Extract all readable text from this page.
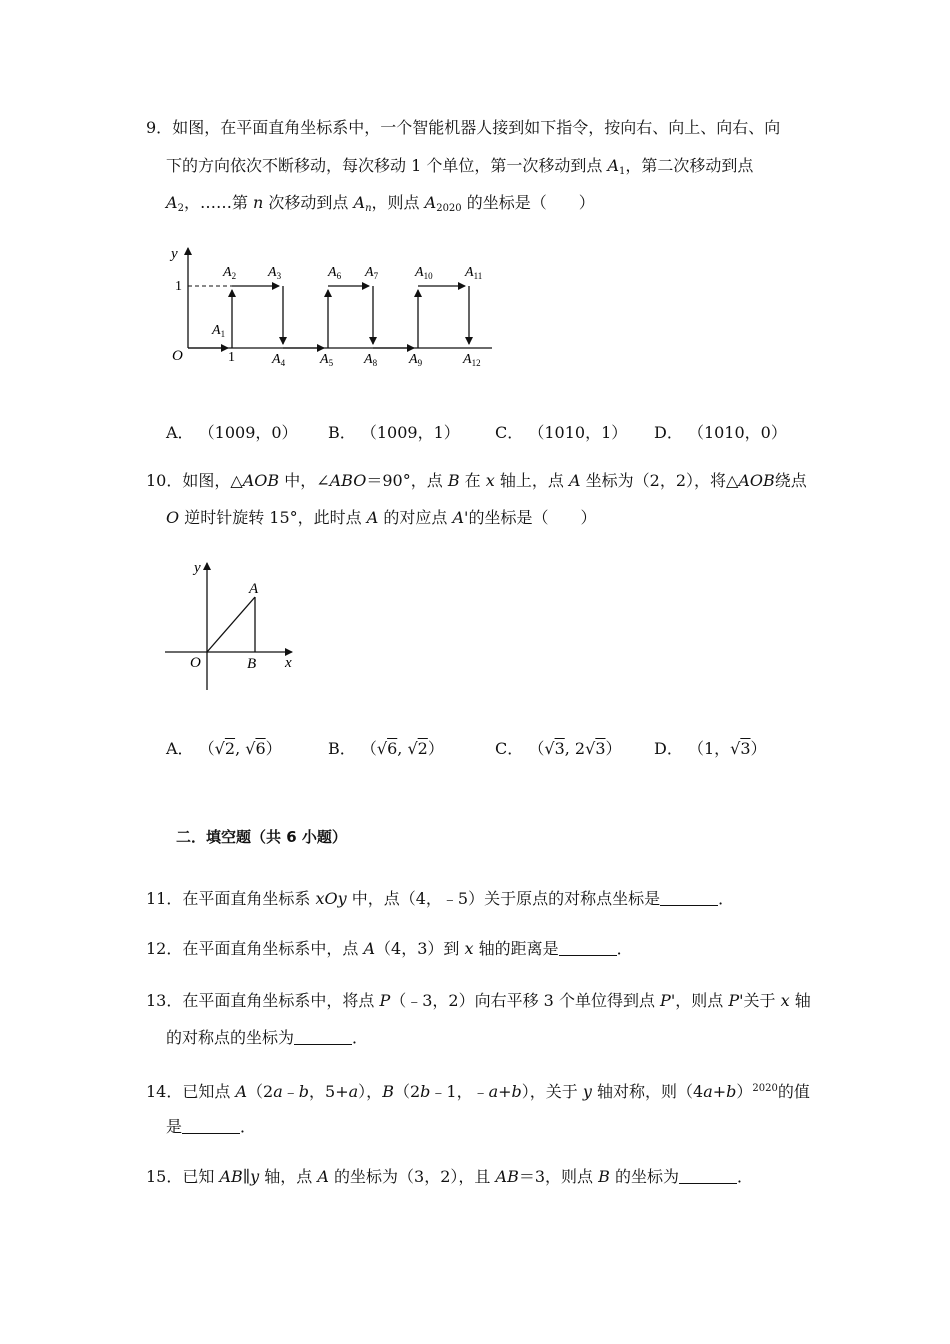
9．如图，在平面直角坐标系中，一个智能机器人接到如下指令，按向右、向上、向右、向
下的方向依次不断移动，每次移动 1 个单位，第一次移动到点 $A_1$，第二次移动到点
$A_2$，……第 n 次移动到点 $A_n$，则点 $A_{2020}$ 的坐标是（　　）
y
O
1
1
$A_1$
$A_2$ $A_3$
$A_4$ $A_5$
$A_6$ $A_7$
$A_8$ $A_9$
$A_{10}$ $A_{11}$
$A_{12}$
A． （1009，0） B． （1009，1） C． （1010，1） D． （1010，0）
10．如图，△AOB 中，∠ABO＝90°，点 B 在 x 轴上，点 A 坐标为（2，2），将△AOB绕点
O 逆时针旋转 15°，此时点 A 的对应点 A'的坐标是（　　）
y
x
O
A
B
A． （√2, √6）	B． （√6, √2）	C． （√3, 2√3） D． （1，√3）
二．填空题（共 6 小题）
11．在平面直角坐标系 xOy 中，点（4，﹣5）关于原点的对称点坐标是	．
12．在平面直角坐标系中，点 A（4，3）到 x 轴的距离是	．
13．在平面直角坐标系中，将点 P（﹣3，2）向右平移 3 个单位得到点 P'，则点 P'关于 x 轴
的对称点的坐标为	．
14．已知点 A（2a﹣b，5+a），B（2b﹣1，﹣a+b），关于 y 轴对称，则$(4a+b)^{2020}$的值
是	．
15．已知 AB∥y 轴，点 A 的坐标为（3，2），且 AB＝3，则点 B 的坐标为	．
